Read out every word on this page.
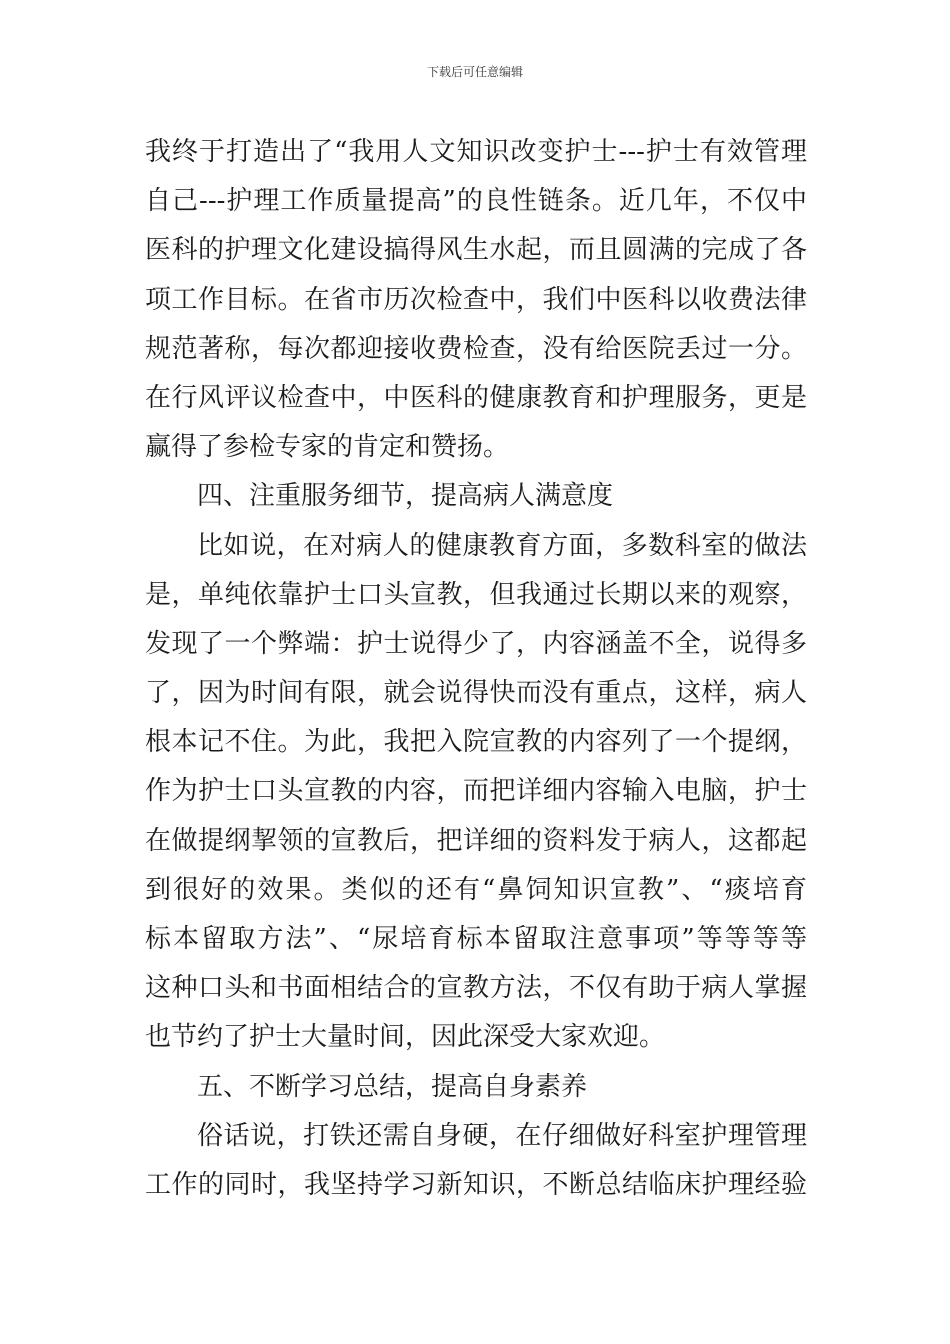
下载后可任意编辑
我终于打造出了“我用人文知识改变护士---护士有效管理
自己---护理工作质量提高”的良性链条。近几年，不仅中
医科的护理文化建设搞得风生水起，而且圆满的完成了各
项工作目标。在省市历次检查中，我们中医科以收费法律
规范著称，每次都迎接收费检查，没有给医院丢过一分。
在行风评议检查中，中医科的健康教育和护理服务，更是
赢得了参检专家的肯定和赞扬。
四、注重服务细节，提高病人满意度
比如说，在对病人的健康教育方面，多数科室的做法
是，单纯依靠护士口头宣教，但我通过长期以来的观察，
发现了一个弊端：护士说得少了，内容涵盖不全，说得多
了，因为时间有限，就会说得快而没有重点，这样，病人
根本记不住。为此，我把入院宣教的内容列了一个提纲，
作为护士口头宣教的内容，而把详细内容输入电脑，护士
在做提纲挈领的宣教后，把详细的资料发于病人，这都起
到很好的效果。类似的还有“鼻饲知识宣教”、“痰培育
标本留取方法”、“尿培育标本留取注意事项”等等等等
这种口头和书面相结合的宣教方法，不仅有助于病人掌握
也节约了护士大量时间，因此深受大家欢迎。
五、不断学习总结，提高自身素养
俗话说，打铁还需自身硬，在仔细做好科室护理管理
工作的同时，我坚持学习新知识，不断总结临床护理经验
